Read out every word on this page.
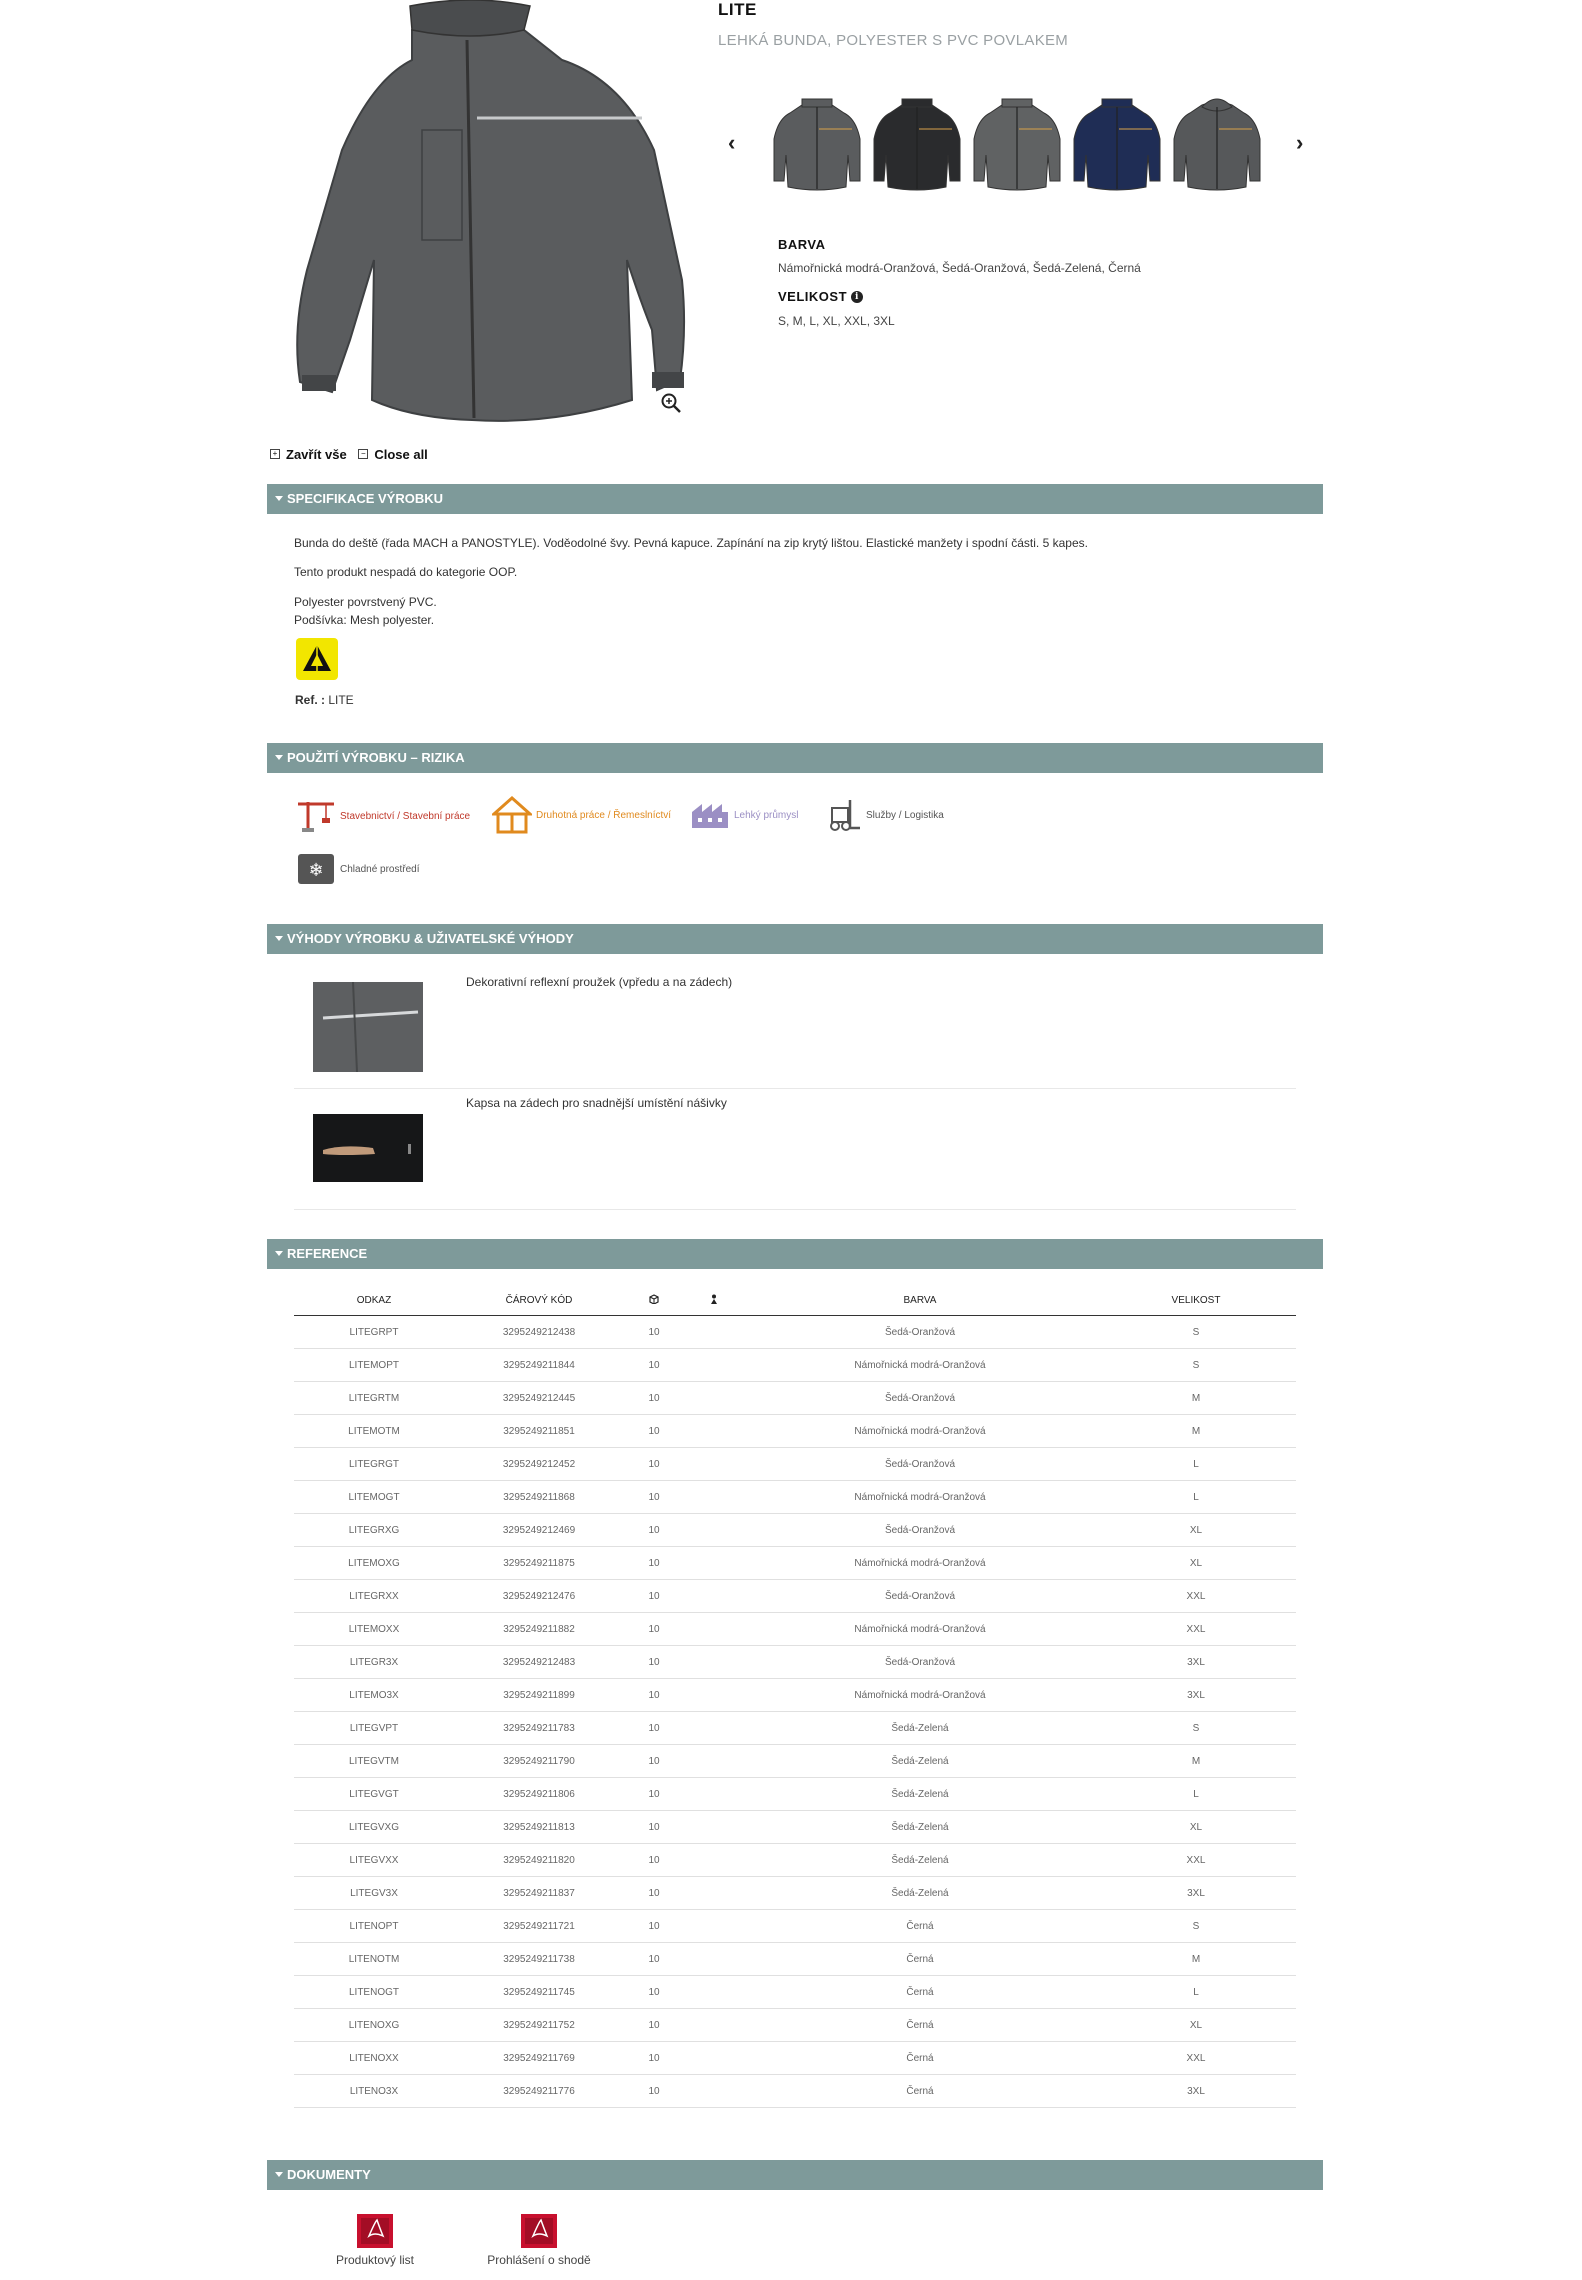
LITE
LEHKÁ BUNDA, POLYESTER S PVC POVLAKEM
‹	›
BARVA
Námořnická modrá-Oranžová, Šedá-Oranžová, Šedá-Zelená, Černá
VELIKOST i
S, M, L, XL, XXL, 3XL
+ Zavřít vše
	− Close all
SPECIFIKACE VÝROBKU
Bunda do deště (řada MACH a PANOSTYLE). Voděodolné švy. Pevná kapuce. Zapínání na zip krytý lištou. Elastické manžety i spodní části. 5 kapes.
Tento produkt nespadá do kategorie OOP.
Polyester povrstvený PVC.
Podšívka: Mesh polyester.
Ref. : LITE
POUŽITÍ VÝROBKU – RIZIKA
Stavebnictví / Stavební práce	Druhotná práce / Řemeslníctví	Lehký průmysl	Služby / Logistika
❄ Chladné prostředí
VÝHODY VÝROBKU & UŽIVATELSKÉ VÝHODY
Dekorativní reflexní proužek (vpředu a na zádech)
Kapsa na zádech pro snadnější umístění nášivky
REFERENCE
ODKAZ	ČÁROVÝ KÓD			BARVA	VELIKOST
LITEGRPT	3295249212438	10		Šedá-Oranžová	S
LITEMOPT	3295249211844	10		Námořnická modrá-Oranžová	S
LITEGRTM	3295249212445	10		Šedá-Oranžová	M
LITEMOTM	3295249211851	10		Námořnická modrá-Oranžová	M
LITEGRGT	3295249212452	10		Šedá-Oranžová	L
LITEMOGT	3295249211868	10		Námořnická modrá-Oranžová	L
LITEGRXG	3295249212469	10		Šedá-Oranžová	XL
LITEMOXG	3295249211875	10		Námořnická modrá-Oranžová	XL
LITEGRXX	3295249212476	10		Šedá-Oranžová	XXL
LITEMOXX	3295249211882	10		Námořnická modrá-Oranžová	XXL
LITEGR3X	3295249212483	10		Šedá-Oranžová	3XL
LITEMO3X	3295249211899	10		Námořnická modrá-Oranžová	3XL
LITEGVPT	3295249211783	10		Šedá-Zelená	S
LITEGVTM	3295249211790	10		Šedá-Zelená	M
LITEGVGT	3295249211806	10		Šedá-Zelená	L
LITEGVXG	3295249211813	10		Šedá-Zelená	XL
LITEGVXX	3295249211820	10		Šedá-Zelená	XXL
LITEGV3X	3295249211837	10		Šedá-Zelená	3XL
LITENOPT	3295249211721	10		Černá	S
LITENOTM	3295249211738	10		Černá	M
LITENOGT	3295249211745	10		Černá	L
LITENOXG	3295249211752	10		Černá	XL
LITENOXX	3295249211769	10		Černá	XXL
LITENO3X	3295249211776	10		Černá	3XL
DOKUMENTY
Produktový list	Prohlášení o shodě
